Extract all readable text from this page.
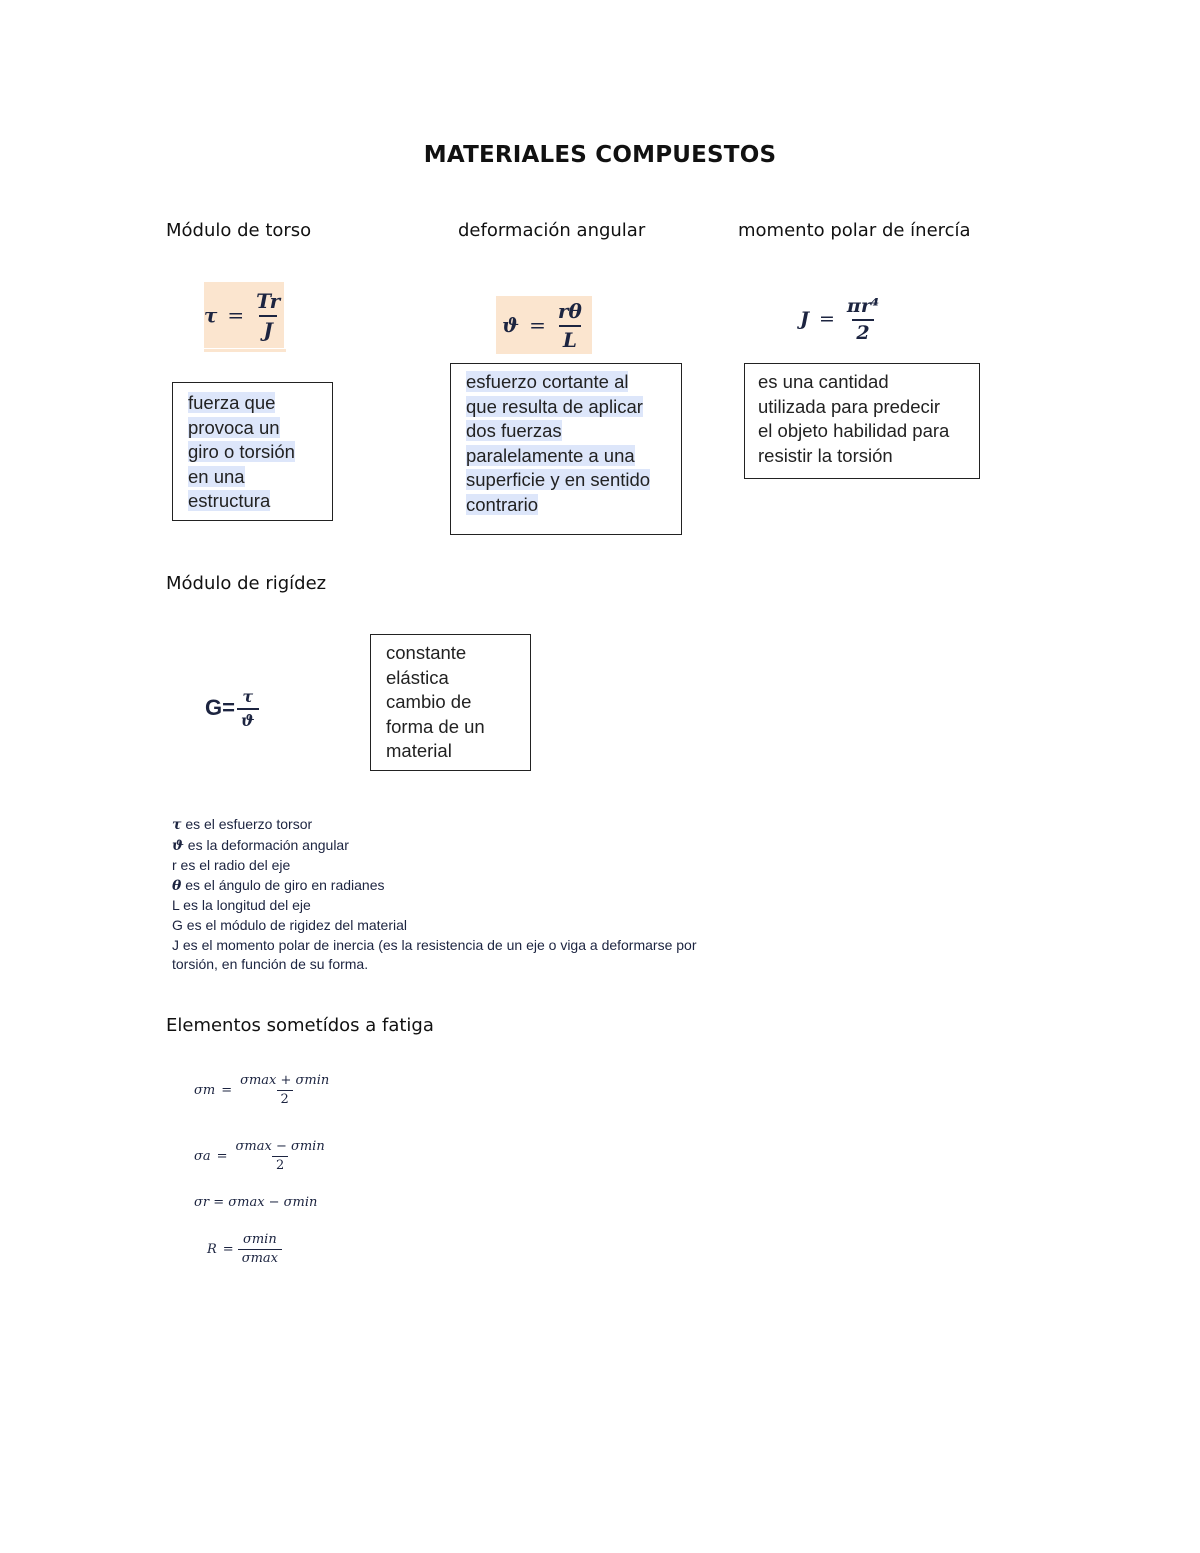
MATERIALES COMPUESTOS
Módulo de torso	deformación angular	momento polar de ínercía
$\tau = \frac{Tr}{J}$	$ϑ = \frac{r\theta}{L}$	$J = \frac{\text{πr⁴}}{2}$
fuerza que
provoca un
giro o torsión
en una
estructura
esfuerzo cortante al
que resulta de aplicar
dos fuerzas
paralelamente a una
superficie y en sentido
contrario
es una cantidad
utilizada para predecir
el objeto habilidad para
resistir la torsión
Módulo de rigídez
$G= \frac{\tau}{ϑ}$
constante
elástica
cambio de
forma de un
material
τ es el esfuerzo torsor
ϑ es la deformación angular
r es el radio del eje
θ es el ángulo de giro en radianes
L es la longitud del eje
G es el módulo de rigidez del material
J es el momento polar de inercia (es la resistencia de un eje o viga a deformarse por
torsión, en función de su forma.
Elementos sometídos a fatiga
$\sigma m = \frac{\sigma\max + \sigma\min}{2}$
$\sigma a = \frac{\sigma\max - \sigma\min}{2}$
σr = σmax − σmin
$R = \frac{\sigma\min}{\sigma\max}$
